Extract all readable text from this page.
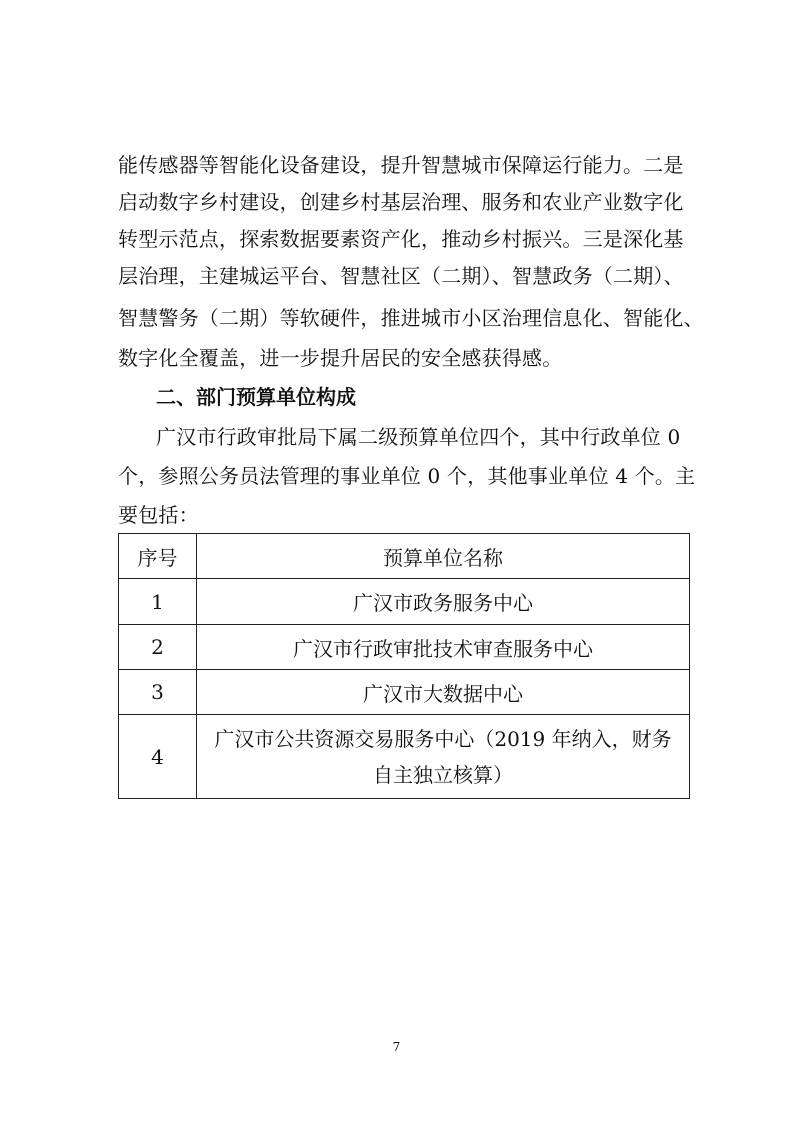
能传感器等智能化设备建设，提升智慧城市保障运行能力。二是
启动数字乡村建设，创建乡村基层治理、服务和农业产业数字化
转型示范点，探索数据要素资产化，推动乡村振兴。三是深化基
层治理，主建城运平台、智慧社区（二期）、智慧政务（二期）、
智慧警务（二期）等软硬件，推进城市小区治理信息化、智能化、
数字化全覆盖，进一步提升居民的安全感获得感。
二、部门预算单位构成
广汉市行政审批局下属二级预算单位四个，其中行政单位 0
个，参照公务员法管理的事业单位 0 个，其他事业单位 4 个。主
要包括：
序号	预算单位名称
1	广汉市政务服务中心
2	广汉市行政审批技术审查服务中心
3	广汉市大数据中心
4	广汉市公共资源交易服务中心（2019 年纳入，财务
自主独立核算）
7
